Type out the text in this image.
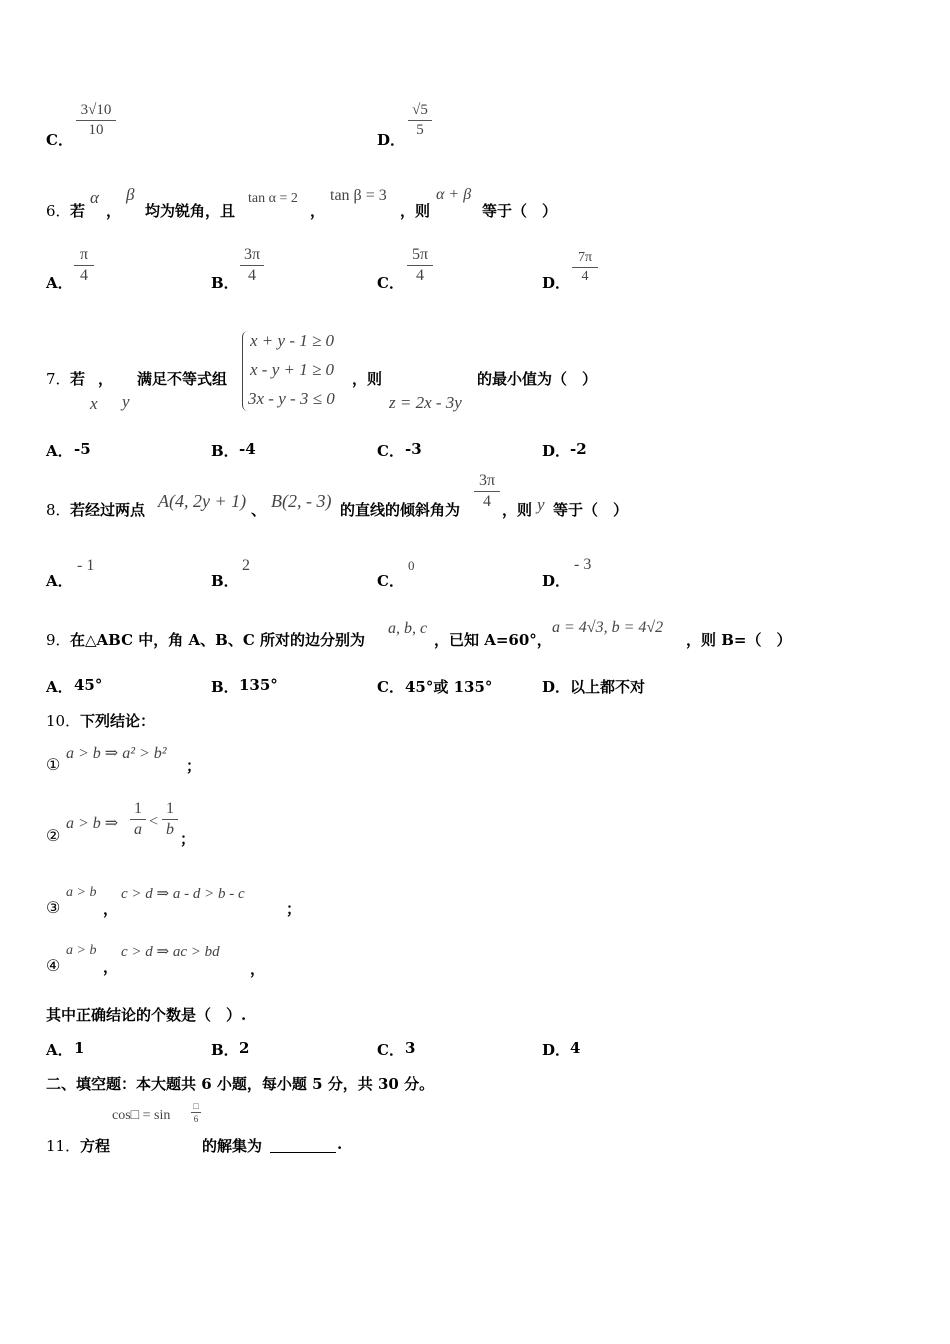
C．
3√10
10
D．
√5
5
6． 若
α
，
β
均为锐角，且
tan α = 2
，
tan β = 3
，则
α + β
等于（　）
A．
π
4	B．
3π
4	C．
5π
4	D．
7π
4
7． 若 ， 满足不等式组
x y
x + y - 1 ≥ 0
x - y + 1 ≥ 0
3x - y - 3 ≤ 0
，则
z = 2x - 3y
的最小值为（　）
A． -5	B． -4	C． -3	D． -2
8． 若经过两点 A(4, 2y + 1) 、 B(2, - 3) 的直线的倾斜角为
3π
4 ，则 y 等于（　）
A．
- 1
B．
2
C．
0
D．
- 3
9． 在△ABC 中，角 A、B、C 所对的边分别为
a, b, c
，已知 A=60°，
a = 4√3, b = 4√2
，则 B=（　）
A． 45°	B． 135°	C． 45°或 135°	D． 以上都不对
10． 下列结论：
①
a > b ⇒ a² > b²
；
②
a > b ⇒
1
a <
1
b
；
③
a > b
，
c > d ⇒ a - d > b - c
；
④
a > b
，
c > d ⇒ ac > bd
，
其中正确结论的个数是（　）.
A． 1	B． 2	C． 3	D． 4
二、填空题：本大题共 6 小题，每小题 5 分，共 30 分。
cos□ = sin
□
6
11． 方程	的解集为	.
